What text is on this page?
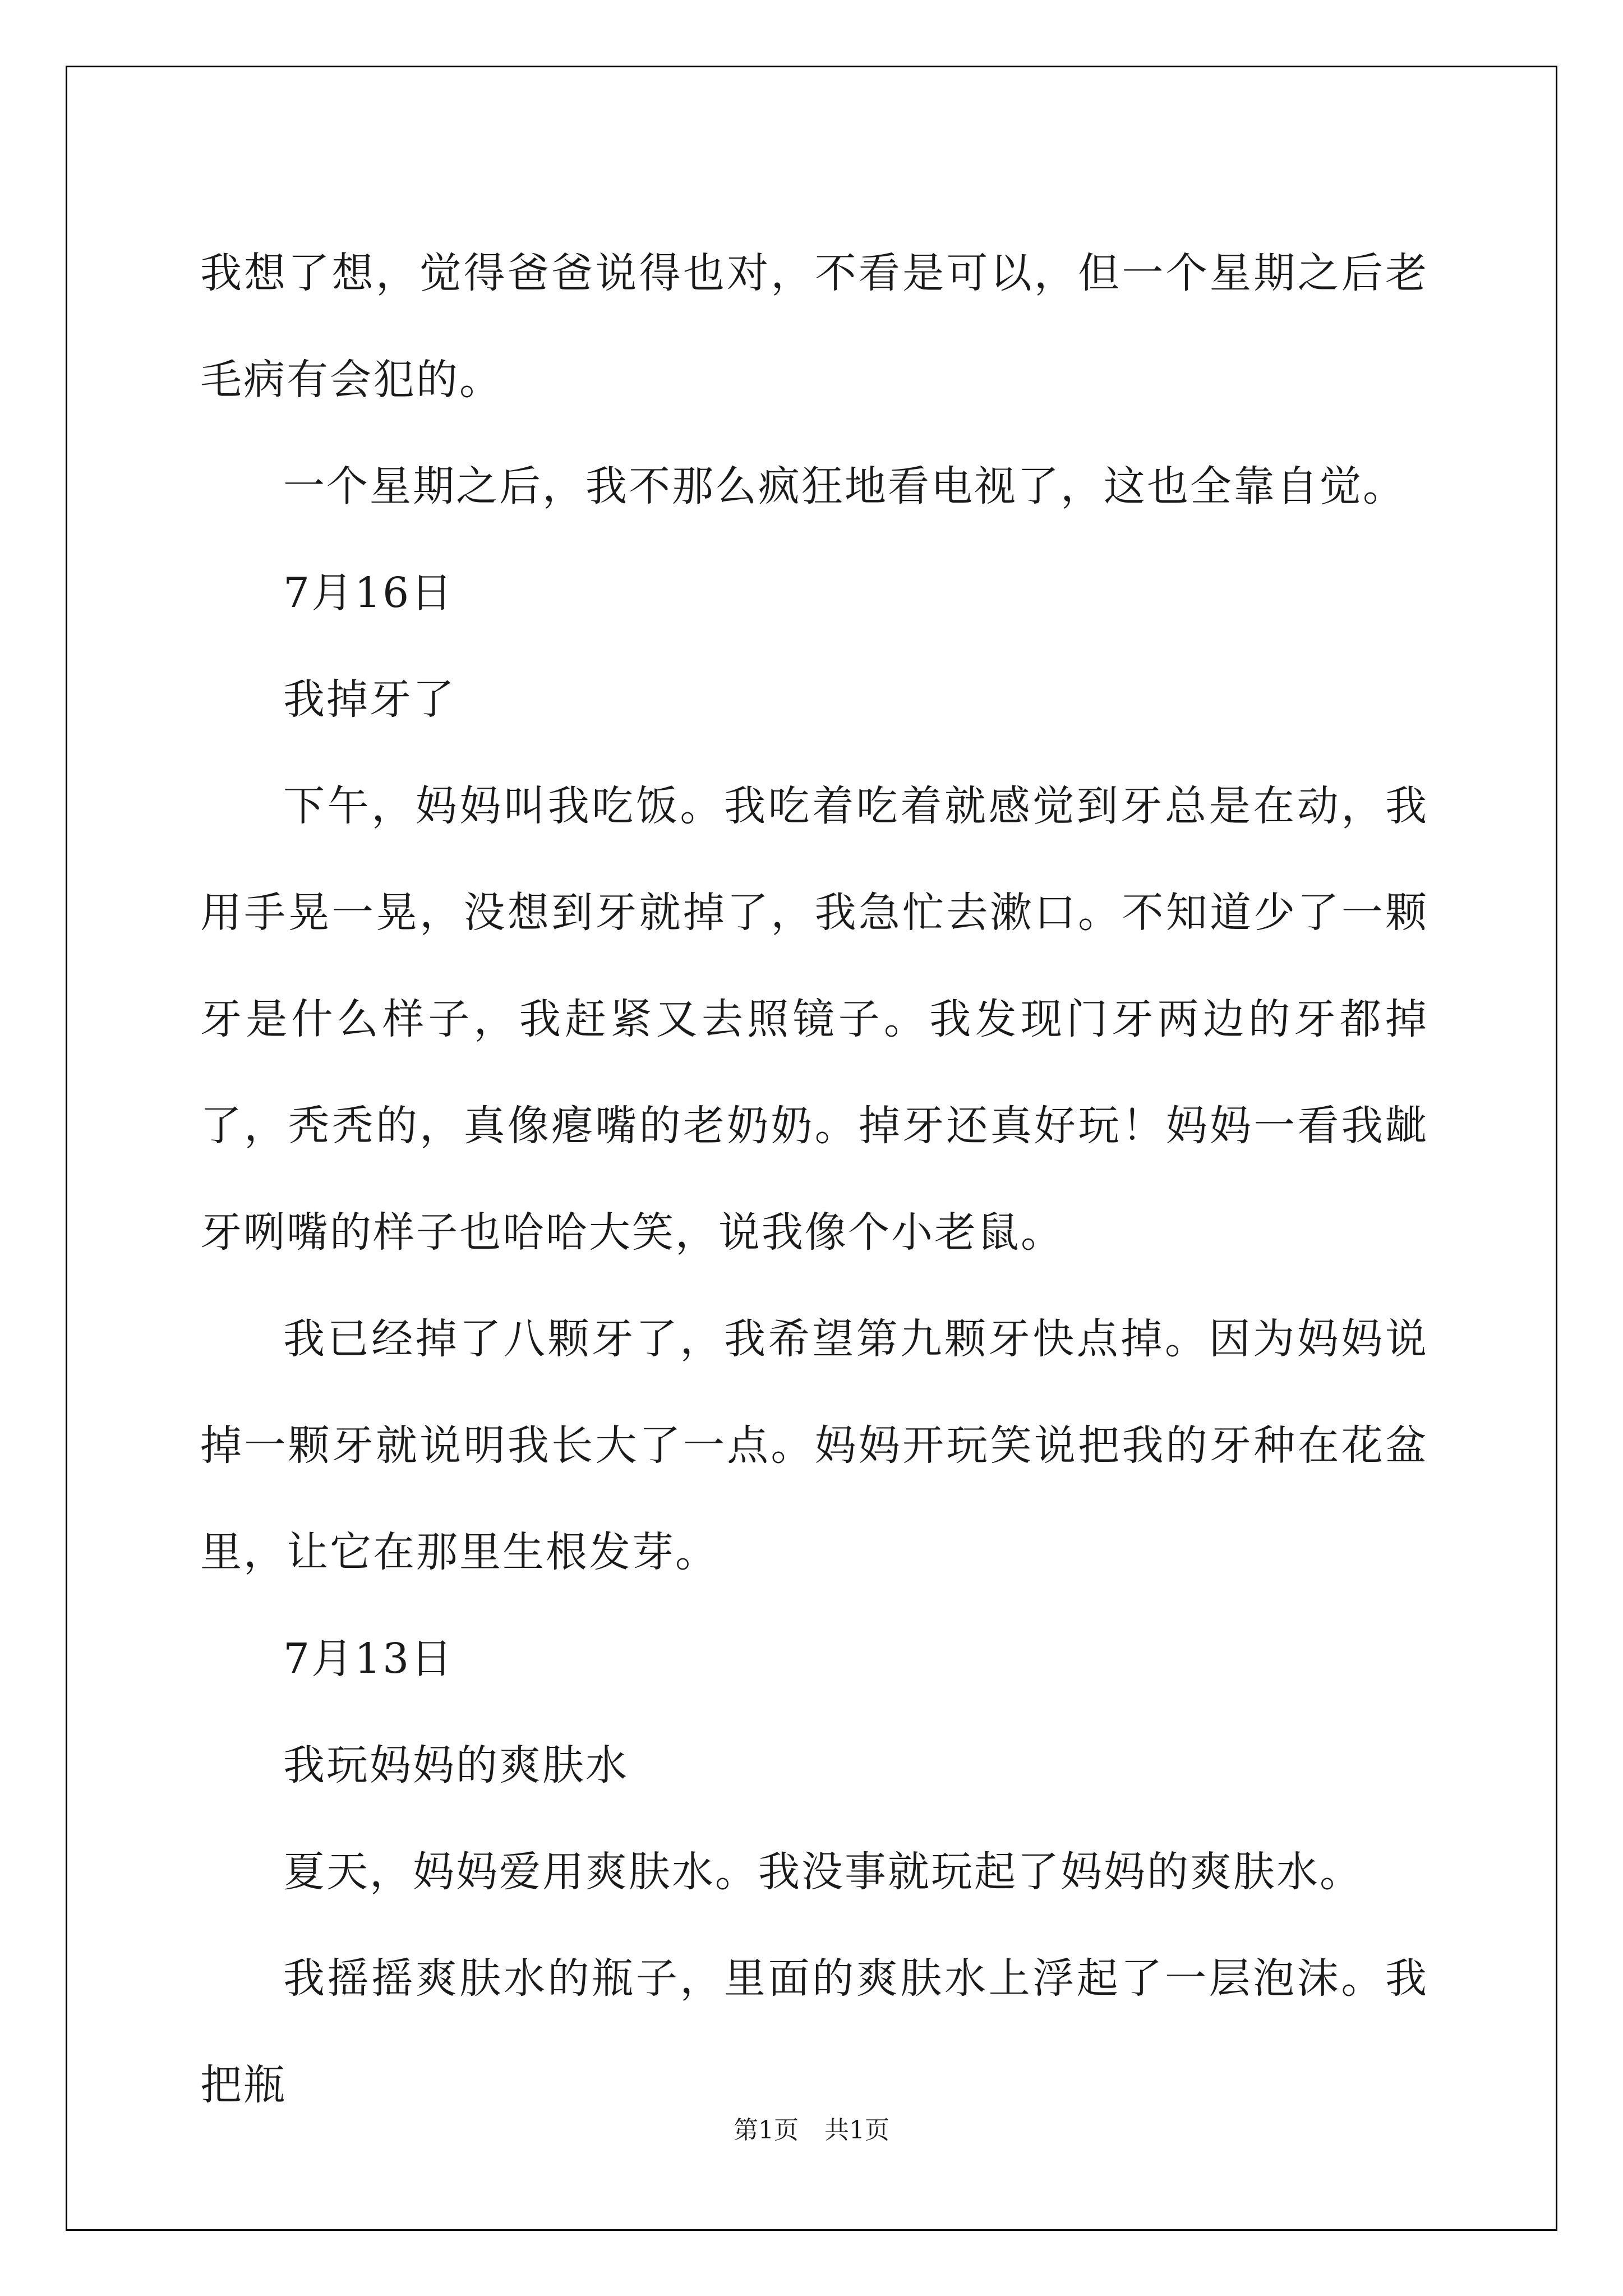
我想了想，觉得爸爸说得也对，不看是可以，但一个星期之后老毛病有会犯的。

一个星期之后，我不那么疯狂地看电视了，这也全靠自觉。

7月16日

我掉牙了

下午，妈妈叫我吃饭。我吃着吃着就感觉到牙总是在动，我用手晃一晃，没想到牙就掉了，我急忙去漱口。不知道少了一颗牙是什么样子，我赶紧又去照镜子。我发现门牙两边的牙都掉了，秃秃的，真像瘪嘴的老奶奶。掉牙还真好玩！妈妈一看我龇牙咧嘴的样子也哈哈大笑，说我像个小老鼠。

我已经掉了八颗牙了，我希望第九颗牙快点掉。因为妈妈说掉一颗牙就说明我长大了一点。妈妈开玩笑说把我的牙种在花盆里，让它在那里生根发芽。

7月13日

我玩妈妈的爽肤水

夏天，妈妈爱用爽肤水。我没事就玩起了妈妈的爽肤水。

我摇摇爽肤水的瓶子，里面的爽肤水上浮起了一层泡沫。我把瓶

第1页 共1页
